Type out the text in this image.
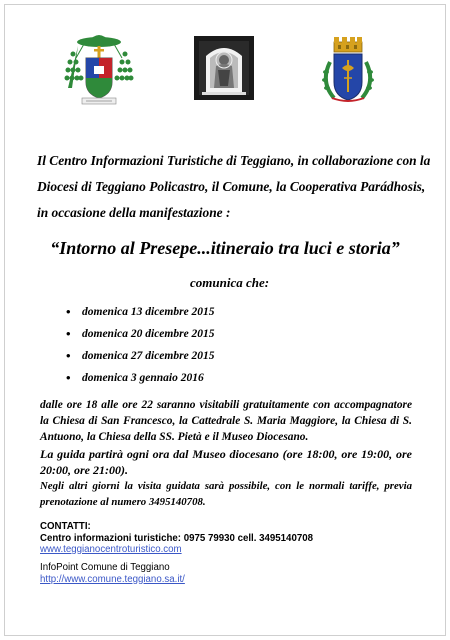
Il Centro Informazioni Turistiche di Teggiano, in collaborazione con la

Diocesi di Teggiano Policastro, il Comune, la Cooperativa Parádhosis,

in occasione della manifestazione :

“Intorno al Presepe...itineraio tra luci e storia”
comunica che:
• domenica 13 dicembre 2015
• domenica 20 dicembre 2015
• domenica 27 dicembre 2015
• domenica 3 gennaio 2016
dalle ore 18 alle ore 22 saranno visitabili gratuitamente con accompagnatore la Chiesa di San Francesco, la Cattedrale S. Maria Maggiore, la Chiesa di S. Antuono, la Chiesa della SS. Pietà e il Museo Diocesano.
La guida partirà ogni ora dal Museo diocesano (ore 18:00, ore 19:00, ore 20:00, ore 21:00).
Negli altri giorni la visita guidata sarà possibile, con le normali tariffe, previa prenotazione al numero 3495140708.
CONTATTI:
Centro informazioni turistiche: 0975 79930 cell. 3495140708
www.teggianocentroturistico.com
InfoPoint Comune di Teggiano
http://www.comune.teggiano.sa.it/
